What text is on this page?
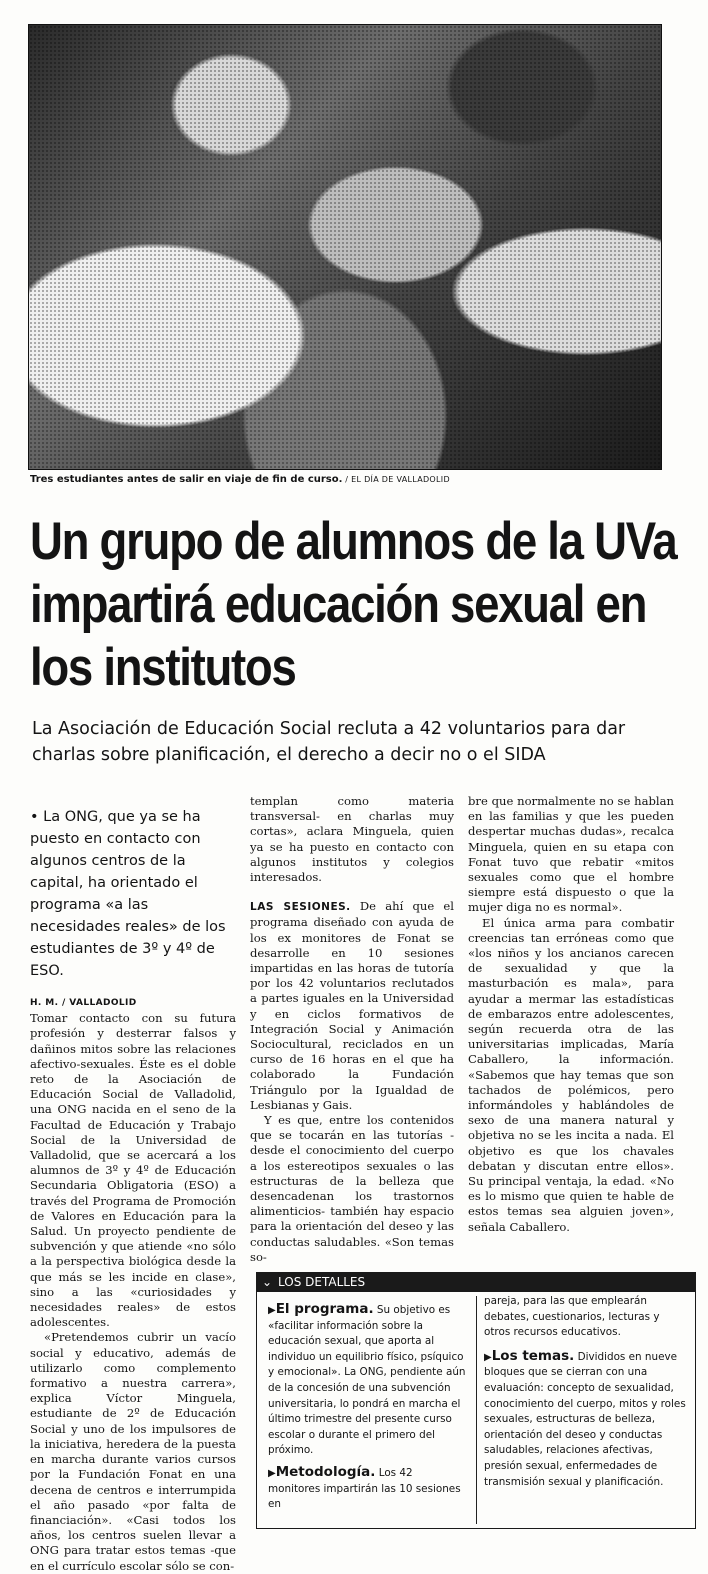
Tres estudiantes antes de salir en viaje de fin de curso. / EL DÍA DE VALLADOLID
Un grupo de alumnos de la UVa impartirá educación sexual en los institutos
La Asociación de Educación Social recluta a 42 voluntarios para dar charlas sobre planificación, el derecho a decir no o el SIDA

• La ONG, que ya se ha puesto en contacto con algunos centros de la capital, ha orientado el programa «a las necesidades reales» de los estudiantes de 3º y 4º de ESO.

H. M. / VALLADOLID

Tomar contacto con su futura profesión y desterrar falsos y dañinos mitos sobre las relaciones afectivo-sexuales. Éste es el doble reto de la Asociación de Educación Social de Valladolid, una ONG nacida en el seno de la Facultad de Educación y Trabajo Social de la Universidad de Valladolid, que se acercará a los alumnos de 3º y 4º de Educación Secundaria Obligatoria (ESO) a través del Programa de Promoción de Valores en Educación para la Salud. Un proyecto pendiente de subvención y que atiende «no sólo a la perspectiva biológica desde la que más se les incide en clase», sino a las «curiosidades y necesidades reales» de estos adolescentes.

«Pretendemos cubrir un vacío social y educativo, además de utilizarlo como complemento formativo a nuestra carrera», explica Víctor Minguela, estudiante de 2º de Educación Social y uno de los impulsores de la iniciativa, heredera de la puesta en marcha durante varios cursos por la Fundación Fonat en una decena de centros e interrumpida el año pasado «por falta de financiación». «Casi todos los años, los centros suelen llevar a ONG para tratar estos temas -que en el currículo escolar sólo se con-

templan como materia transversal- en charlas muy cortas», aclara Minguela, quien ya se ha puesto en contacto con algunos institutos y colegios interesados.

LAS SESIONES. De ahí que el programa diseñado con ayuda de los ex monitores de Fonat se desarrolle en 10 sesiones impartidas en las horas de tutoría por los 42 voluntarios reclutados a partes iguales en la Universidad y en ciclos formativos de Integración Social y Animación Sociocultural, reciclados en un curso de 16 horas en el que ha colaborado la Fundación Triángulo por la Igualdad de Lesbianas y Gais.

Y es que, entre los contenidos que se tocarán en las tutorías -desde el conocimiento del cuerpo a los estereotipos sexuales o las estructuras de la belleza que desencadenan los trastornos alimenticios- también hay espacio para la orientación del deseo y las conductas saludables. «Son temas so-

bre que normalmente no se hablan en las familias y que les pueden despertar muchas dudas», recalca Minguela, quien en su etapa con Fonat tuvo que rebatir «mitos sexuales como que el hombre siempre está dispuesto o que la mujer diga no es normal».

El única arma para combatir creencias tan erróneas como que «los niños y los ancianos carecen de sexualidad y que la masturbación es mala», para ayudar a mermar las estadísticas de embarazos entre adolescentes, según recuerda otra de las universitarias implicadas, María Caballero, la información. «Sabemos que hay temas que son tachados de polémicos, pero informándoles y hablándoles de sexo de una manera natural y objetiva no se les incita a nada. El objetivo es que los chavales debatan y discutan entre ellos». Su principal ventaja, la edad. «No es lo mismo que quien te hable de estos temas sea alguien joven», señala Caballero.

⌄ LOS DETALLES

▶El programa. Su objetivo es «facilitar información sobre la educación sexual, que aporta al individuo un equilibrio físico, psíquico y emocional». La ONG, pendiente aún de la concesión de una subvención universitaria, lo pondrá en marcha el último trimestre del presente curso escolar o durante el primero del próximo.

▶Metodología. Los 42 monitores impartirán las 10 sesiones en

pareja, para las que emplearán debates, cuestionarios, lecturas y otros recursos educativos.

▶Los temas. Divididos en nueve bloques que se cierran con una evaluación: concepto de sexualidad, conocimiento del cuerpo, mitos y roles sexuales, estructuras de belleza, orientación del deseo y conductas saludables, relaciones afectivas, presión sexual, enfermedades de transmisión sexual y planificación.
